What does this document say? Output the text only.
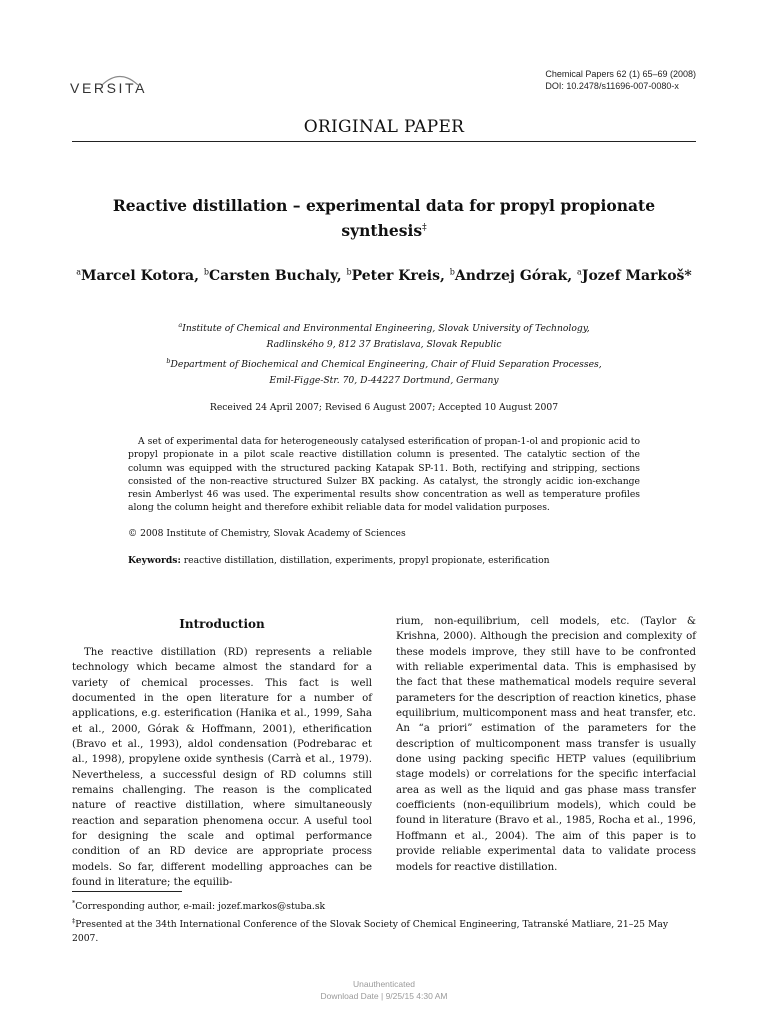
VERSITA
Chemical Papers 62 (1) 65–69 (2008)
DOI: 10.2478/s11696-007-0080-x
ORIGINAL PAPER
Reactive distillation – experimental data for propyl propionate
synthesis‡
$^a$Marcel Kotora, $^b$Carsten Buchaly, $^b$Peter Kreis, $^b$Andrzej Górak, $^a$Jozef Markoš*
$^a$Institute of Chemical and Environmental Engineering, Slovak University of Technology,
Radlinského 9, 812 37 Bratislava, Slovak Republic
$^b$Department of Biochemical and Chemical Engineering, Chair of Fluid Separation Processes,
Emil-Figge-Str. 70, D-44227 Dortmund, Germany
Received 24 April 2007; Revised 6 August 2007; Accepted 10 August 2007
A set of experimental data for heterogeneously catalysed esterification of propan-1-ol and propionic acid to propyl propionate in a pilot scale reactive distillation column is presented. The catalytic section of the column was equipped with the structured packing Katapak SP-11. Both, rectifying and stripping, sections consisted of the non-reactive structured Sulzer BX packing. As catalyst, the strongly acidic ion-exchange resin Amberlyst 46 was used. The experimental results show concentration as well as temperature profiles along the column height and therefore exhibit reliable data for model validation purposes.
© 2008 Institute of Chemistry, Slovak Academy of Sciences
Keywords: reactive distillation, distillation, experiments, propyl propionate, esterification
Introduction

The reactive distillation (RD) represents a reliable technology which became almost the standard for a variety of chemical processes. This fact is well documented in the open literature for a number of applications, e.g. esterification (Hanika et al., 1999, Saha et al., 2000, Górak & Hoffmann, 2001), etherification (Bravo et al., 1993), aldol condensation (Podrebarac et al., 1998), propylene oxide synthesis (Carrà et al., 1979). Nevertheless, a successful design of RD columns still remains challenging. The reason is the complicated nature of reactive distillation, where simultaneously reaction and separation phenomena occur. A useful tool for designing the scale and optimal performance condition of an RD device are appropriate process models. So far, different modelling approaches can be found in literature; the equilib-

rium, non-equilibrium, cell models, etc. (Taylor & Krishna, 2000). Although the precision and complexity of these models improve, they still have to be confronted with reliable experimental data. This is emphasised by the fact that these mathematical models require several parameters for the description of reaction kinetics, phase equilibrium, multicomponent mass and heat transfer, etc. An “a priori” estimation of the parameters for the description of multicomponent mass transfer is usually done using packing specific HETP values (equilibrium stage models) or correlations for the specific interfacial area as well as the liquid and gas phase mass transfer coefficients (non-equilibrium models), which could be found in literature (Bravo et al., 1985, Rocha et al., 1996, Hoffmann et al., 2004). The aim of this paper is to provide reliable experimental data to validate process models for reactive distillation.

*Corresponding author, e-mail: jozef.markos@stuba.sk
‡Presented at the 34th International Conference of the Slovak Society of Chemical Engineering, Tatranské Matliare, 21–25 May 2007.
Unauthenticated
Download Date | 9/25/15 4:30 AM
